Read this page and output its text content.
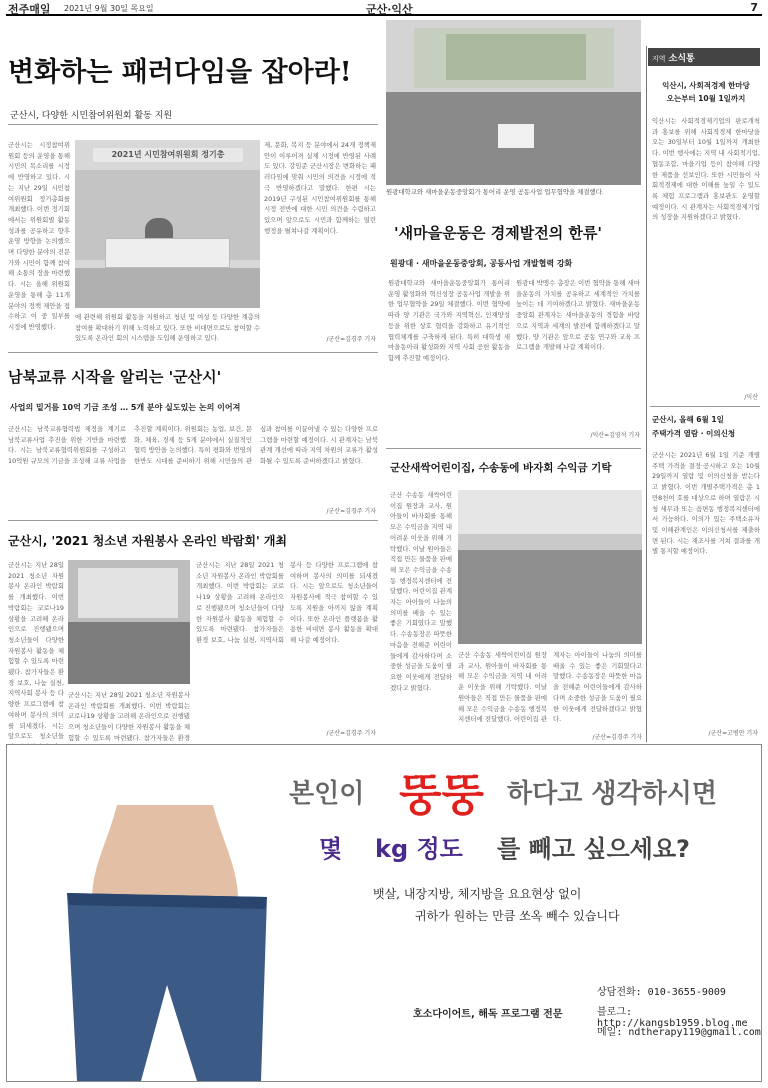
전주매일 2021년 9월 30일 목요일	군산·익산	7
변화하는 패러다임을 잡아라!
군산시, 다양한 시민참여위원회 활동 지원
군산시는 시정참여위원회 등의 운영을 통해 시민의 목소리를 시정에 반영하고 있다. 시는 지난 29일 시민참여위원회 정기총회를 개최했다. 이번 정기회에서는 위원회별 활동 성과를 공유하고 향후 운영 방향을 논의했으며 다양한 분야의 전문가와 시민이 함께 참여해 소통의 장을 마련했다. 시는 올해 위원회 운영을 통해 총 11개 분야의 정책 제안을 접수하고 이 중 일부를 시정에 반영했다.
2021년 시민참여위원회 정기총
제, 문화, 복지 등 분야에서 24개 정책제안이 이루어져 실제 시정에 반영된 사례도 있다. 강임준 군산시장은 변화하는 패러다임에 맞춰 시민의 의견을 시정에 적극 반영하겠다고 말했다. 한편 시는 2019년 구성된 시민참여위원회를 통해 시정 전반에 대한 시민 의견을 수렴하고 있으며 앞으로도 시민과 함께하는 열린 행정을 펼쳐나갈 계획이다.
에 관련해 위원회 활동을 지원하고 청년 및 여성 등 다양한 계층의 참여를 확대하기 위해 노력하고 있다. 또한 비대면으로도 참여할 수 있도록 온라인 회의 시스템을 도입해 운영하고 있다.	/군산=김경주 기자
원광대학교와 새마을운동중앙회가 통어리 운영 공동사업 업무협약을 체결했다.
'새마을운동은 경제발전의 한류'
원광대 · 새마을운동중앙회, 공동사업 개발협력 강화
원광대학교와 새마을운동중앙회가 통어리 운영 활성화와 혁신성장 공동사업 개발을 위한 업무협약을 29일 체결했다. 이번 협약에 따라 양 기관은 국가와 지역혁신, 인재양성 등을 위한 상호 협력을 강화하고 유기적인 협력체계를 구축하게 된다. 특히 대학생 새마을동아리 활성화와 지역 사회 공헌 활동을 함께 추진할 예정이다.
원광대 박맹수 총장은 이번 협약을 통해 새마을운동의 가치를 공유하고 세계적인 가치를 높이는 데 기여하겠다고 밝혔다. 새마을운동중앙회 관계자는 새마을운동의 경험을 바탕으로 지역과 세계의 발전에 함께하겠다고 말했다. 양 기관은 앞으로 공동 연구와 교육 프로그램을 개발해 나갈 계획이다.
/익산=김영석 기자
남북교류 시작을 알리는 '군산시'
사업의 밑거름 10억 기금 조성 … 5개 분야 실도있는 논의 이어져
군산시는 남북교류협력법 제정을 계기로 남북교류사업 추진을 위한 기반을 마련했다. 시는 남북교류협력위원회를 구성하고 10억원 규모의 기금을 조성해 교류 사업을 추진할 계획이다. 위원회는 농업, 보건, 문화, 체육, 경제 등 5개 분야에서 실질적인 협력 방안을 논의했다. 특히 평화와 번영의 한반도 시대를 준비하기 위해 시민들의 관심과 참여를 이끌어낼 수 있는 다양한 프로그램을 마련할 예정이다. 시 관계자는 남북관계 개선에 따라 지역 차원의 교류가 활성화될 수 있도록 준비하겠다고 밝혔다.
/군산=김경주 기자
군산시, '2021 청소년 자원봉사 온라인 박람회' 개최
군산시는 지난 28일 2021 청소년 자원봉사 온라인 박람회를 개최했다. 이번 박람회는 코로나19 상황을 고려해 온라인으로 진행됐으며 청소년들이 다양한 자원봉사 활동을 체험할 수 있도록 마련됐다. 참가자들은 환경 보호, 나눔 실천, 지역사회 봉사 등 다양한 프로그램에 참여하며 봉사의 의미를 되새겼다. 시는 앞으로도 청소년들
군산시는 지난 28일 2021 청소년 자원봉사 온라인 박람회를 개최했다. 이번 박람회는 코로나19 상황을 고려해 온라인으로 진행됐으며 청소년들이 다양한 자원봉사 활동을 체험할 수 있도록 마련됐다. 참가자들은 환경
군산시는 지난 28일 2021 청소년 자원봉사 온라인 박람회를 개최했다. 이번 박람회는 코로나19 상황을 고려해 온라인으로 진행됐으며 청소년들이 다양한 자원봉사 활동을 체험할 수 있도록 마련됐다. 참가자들은 환경 보호, 나눔 실천, 지역사회 봉사 등 다양한 프로그램에 참여하며 봉사의 의미를 되새겼다. 시는 앞으로도 청소년들이 자원봉사에 적극 참여할 수 있도록 지원을 아끼지 않을 계획이다. 또한 온라인 플랫폼을 활용한 비대면 봉사 활동을 확대해 나갈 예정이다.
/군산=김경주 기자
군산새싹어린이집, 수송동에 바자회 수익금 기탁
군산 수송동 새싹어린이집 원장과 교사, 원아들이 바자회를 통해 모은 수익금을 지역 내 어려운 이웃을 위해 기탁했다. 이날 원아들은 직접 만든 물품을 판매해 모은 수익금을 수송동 행정복지센터에 전달했다. 어린이집 관계자는 아이들이 나눔의 의미를 배울 수 있는 좋은 기회였다고 말했다. 수송동장은 따뜻한 마음을 전해준 어린이들에게 감사하다며 소중한 성금을 도움이 필요한 이웃에게 전달하겠다고 밝혔다.
군산 수송동 새싹어린이집 원장과 교사, 원아들이 바자회를 통해 모은 수익금을 지역 내 어려운 이웃을 위해 기탁했다. 이날 원아들은 직접 만든 물품을 판매해 모은 수익금을 수송동 행정복지센터에 전달했다. 어린이집 관계자는 아이들이 나눔의 의미를 배울 수 있는 좋은 기회였다고 말했다. 수송동장은 따뜻한 마음을 전해준 어린이들에게 감사하다며 소중한 성금을 도움이 필요한 이웃에게 전달하겠다고 밝혔다.
/군산=김경주 기자
지역 소식통
익산시, 사회적경제 한마당
오는부터 10월 1일까지
익산시는 사회적경제기업의 판로개척과 홍보를 위해 사회적경제 한마당을 오는 30일부터 10월 1일까지 개최한다. 이번 행사에는 지역 내 사회적기업, 협동조합, 마을기업 등이 참여해 다양한 제품을 선보인다. 또한 시민들이 사회적경제에 대한 이해를 높일 수 있도록 체험 프로그램과 홍보관도 운영할 예정이다. 시 관계자는 사회적경제기업의 성장을 지원하겠다고 밝혔다.
/익산
군산시, 올해 6월 1일
주택가격 열람 · 이의신청
군산시는 2021년 6월 1일 기준 개별주택 가격을 결정·공시하고 오는 10월 29일까지 열람 및 이의신청을 받는다고 밝혔다. 이번 개별주택가격은 총 1만8천여 호를 대상으로 하며 열람은 시청 세무과 또는 읍면동 행정복지센터에서 가능하다. 이의가 있는 주택소유자 및 이해관계인은 이의신청서를 제출하면 된다. 시는 재조사를 거쳐 결과를 개별 통지할 예정이다.
/군산=고병만 기자
본인이 뚱뚱 하다고 생각하시면
몇 kg 정도 를 빼고 싶으세요?
뱃살, 내장지방, 체지방을 요요현상 없이
귀하가 원하는 만큼 쏘옥 빼수 있습니다
호소다이어트, 해독 프로그램 전문
상담전화: 010-3655-9009
블로그: http://kangsb1959.blog.me
메일: ndtherapy119@gmail.com
